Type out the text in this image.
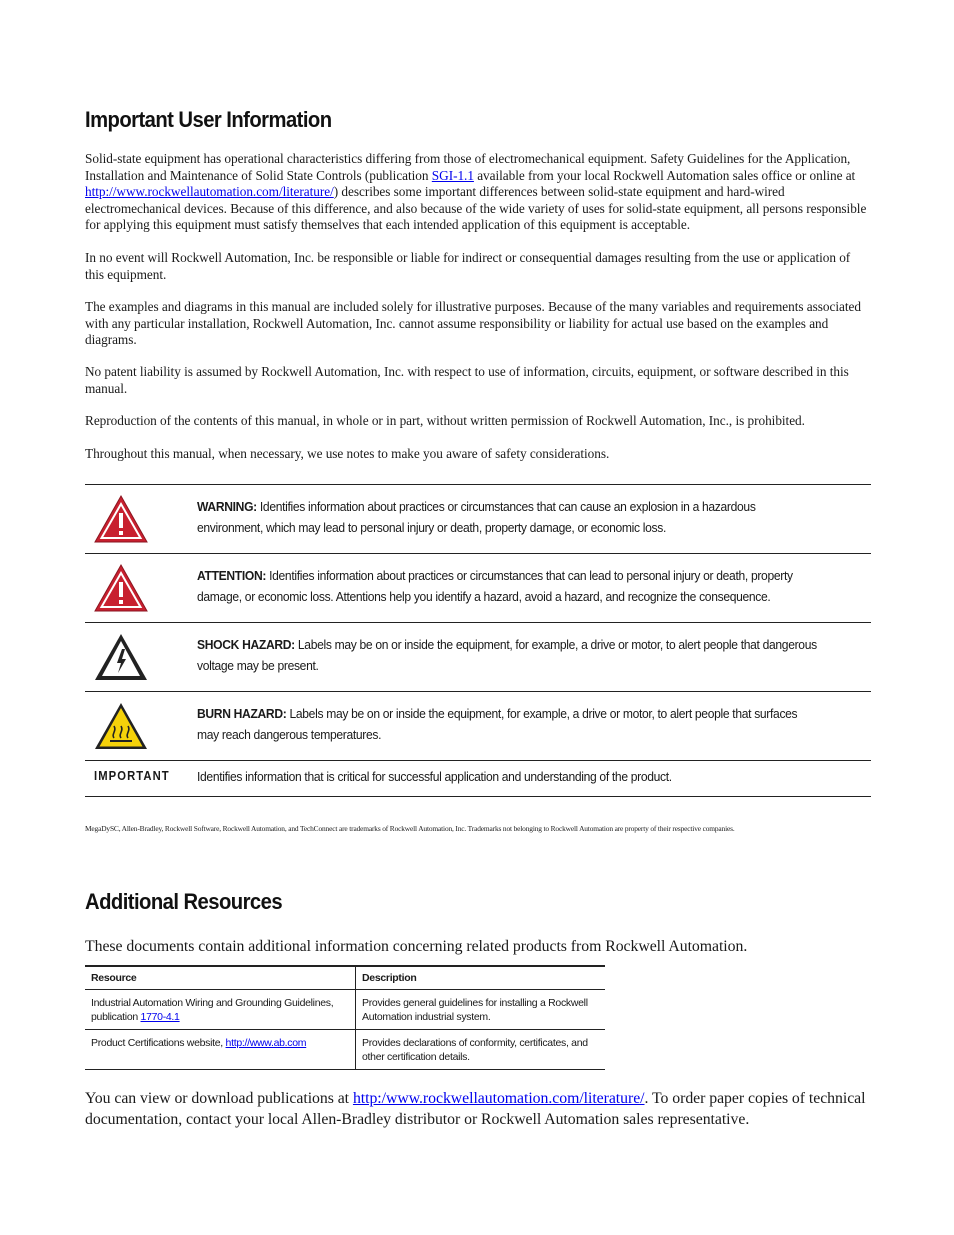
Important User Information

Solid-state equipment has operational characteristics differing from those of electromechanical equipment. Safety Guidelines for the Application, Installation and Maintenance of Solid State Controls (publication SGI-1.1 available from your local Rockwell Automation sales office or online at http://www.rockwellautomation.com/literature/) describes some important differences between solid-state equipment and hard-wired electromechanical devices. Because of this difference, and also because of the wide variety of uses for solid-state equipment, all persons responsible for applying this equipment must satisfy themselves that each intended application of this equipment is acceptable.

In no event will Rockwell Automation, Inc. be responsible or liable for indirect or consequential damages resulting from the use or application of this equipment.

The examples and diagrams in this manual are included solely for illustrative purposes. Because of the many variables and requirements associated with any particular installation, Rockwell Automation, Inc. cannot assume responsibility or liability for actual use based on the examples and diagrams.

No patent liability is assumed by Rockwell Automation, Inc. with respect to use of information, circuits, equipment, or software described in this manual.

Reproduction of the contents of this manual, in whole or in part, without written permission of Rockwell Automation, Inc., is prohibited.

Throughout this manual, when necessary, we use notes to make you aware of safety considerations.

WARNING: Identifies information about practices or circumstances that can cause an explosion in a hazardous environment, which may lead to personal injury or death, property damage, or economic loss.
ATTENTION: Identifies information about practices or circumstances that can lead to personal injury or death, property damage, or economic loss. Attentions help you identify a hazard, avoid a hazard, and recognize the consequence.
SHOCK HAZARD: Labels may be on or inside the equipment, for example, a drive or motor, to alert people that dangerous voltage may be present.
BURN HAZARD: Labels may be on or inside the equipment, for example, a drive or motor, to alert people that surfaces may reach dangerous temperatures.
IMPORTANT Identifies information that is critical for successful application and understanding of the product.

MegaDySC, Allen-Bradley, Rockwell Software, Rockwell Automation, and TechConnect are trademarks of Rockwell Automation, Inc. Trademarks not belonging to Rockwell Automation are property of their respective companies.

Additional Resources

These documents contain additional information concerning related products from Rockwell Automation.

Resource	Description
Industrial Automation Wiring and Grounding Guidelines, publication 1770-4.1	Provides general guidelines for installing a Rockwell Automation industrial system.
Product Certifications website, http://www.ab.com	Provides declarations of conformity, certificates, and other certification details.

You can view or download publications at http:/www.rockwellautomation.com/literature/. To order paper copies of technical documentation, contact your local Allen-Bradley distributor or Rockwell Automation sales representative.
